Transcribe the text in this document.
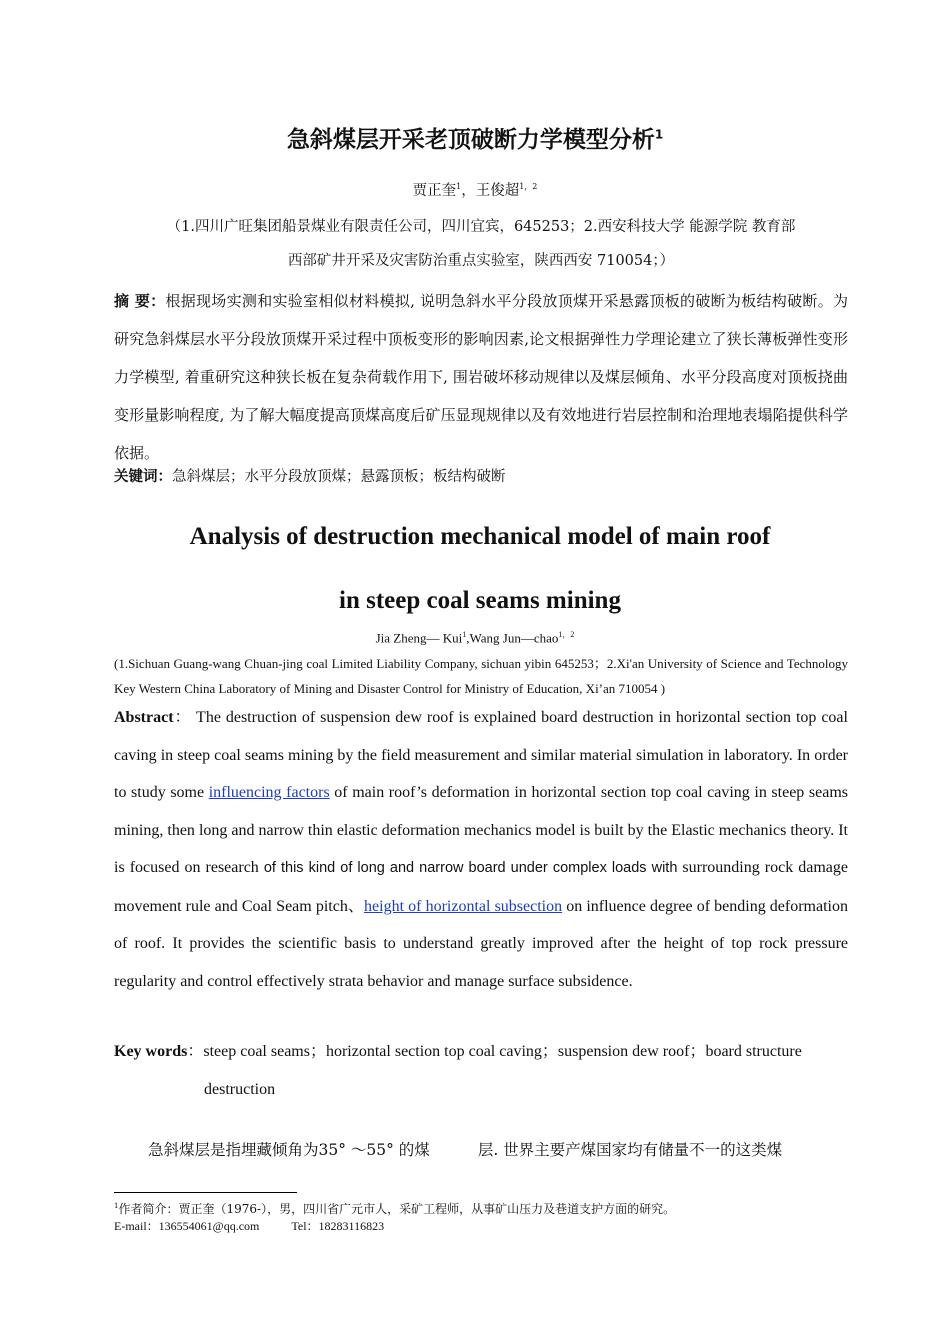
急斜煤层开采老顶破断力学模型分析$^1$
贾正奎$^1$，王俊超$^{1,2}$
（1.四川广旺集团船景煤业有限责任公司，四川宜宾，645253；2.西安科技大学 能源学院 教育部
西部矿井开采及灾害防治重点实验室，陕西西安 710054；）
摘 要：根据现场实测和实验室相似材料模拟, 说明急斜水平分段放顶煤开采悬露顶板的破断为板结构破断。为研究急斜煤层水平分段放顶煤开采过程中顶板变形的影响因素,论文根据弹性力学理论建立了狭长薄板弹性变形力学模型, 着重研究这种狭长板在复杂荷载作用下, 围岩破坏移动规律以及煤层倾角、水平分段高度对顶板挠曲变形量影响程度, 为了解大幅度提高顶煤高度后矿压显现规律以及有效地进行岩层控制和治理地表塌陷提供科学依据。
关键词：急斜煤层；水平分段放顶煤；悬露顶板；板结构破断
Analysis of destruction mechanical model of main roof
in steep coal seams mining
Jia Zheng— Kui$^1$,Wang Jun—chao$^{1,2}$
(1.Sichuan Guang-wang Chuan-jing coal Limited Liability Company, sichuan yibin 645253；2.Xi'an University of Science and Technology Key Western China Laboratory of Mining and Disaster Control for Ministry of Education, Xi’an 710054 )
Abstract： The destruction of suspension dew roof is explained board destruction in horizontal section top coal caving in steep coal seams mining by the field measurement and similar material simulation in laboratory. In order to study some influencing factors of main roof’s deformation in horizontal section top coal caving in steep seams mining, then long and narrow thin elastic deformation mechanics model is built by the Elastic mechanics theory. It is focused on research of this kind of long and narrow board under complex loads with surrounding rock damage movement rule and Coal Seam pitch、height of horizontal subsection on influence degree of bending deformation of roof. It provides the scientific basis to understand greatly improved after the height of top rock pressure regularity and control effectively strata behavior and manage surface subsidence.
Key words：steep coal seams；horizontal section top coal caving；suspension dew roof；board structure
destruction
急斜煤层是指埋藏倾角为35° ～55° 的煤	层. 世界主要产煤国家均有储量不一的这类煤
$^1$作者简介：贾正奎（1976-），男，四川省广元市人，采矿工程师，从事矿山压力及巷道支护方面的研究。
E-mail：136554061@qq.com	Tel：18283116823
